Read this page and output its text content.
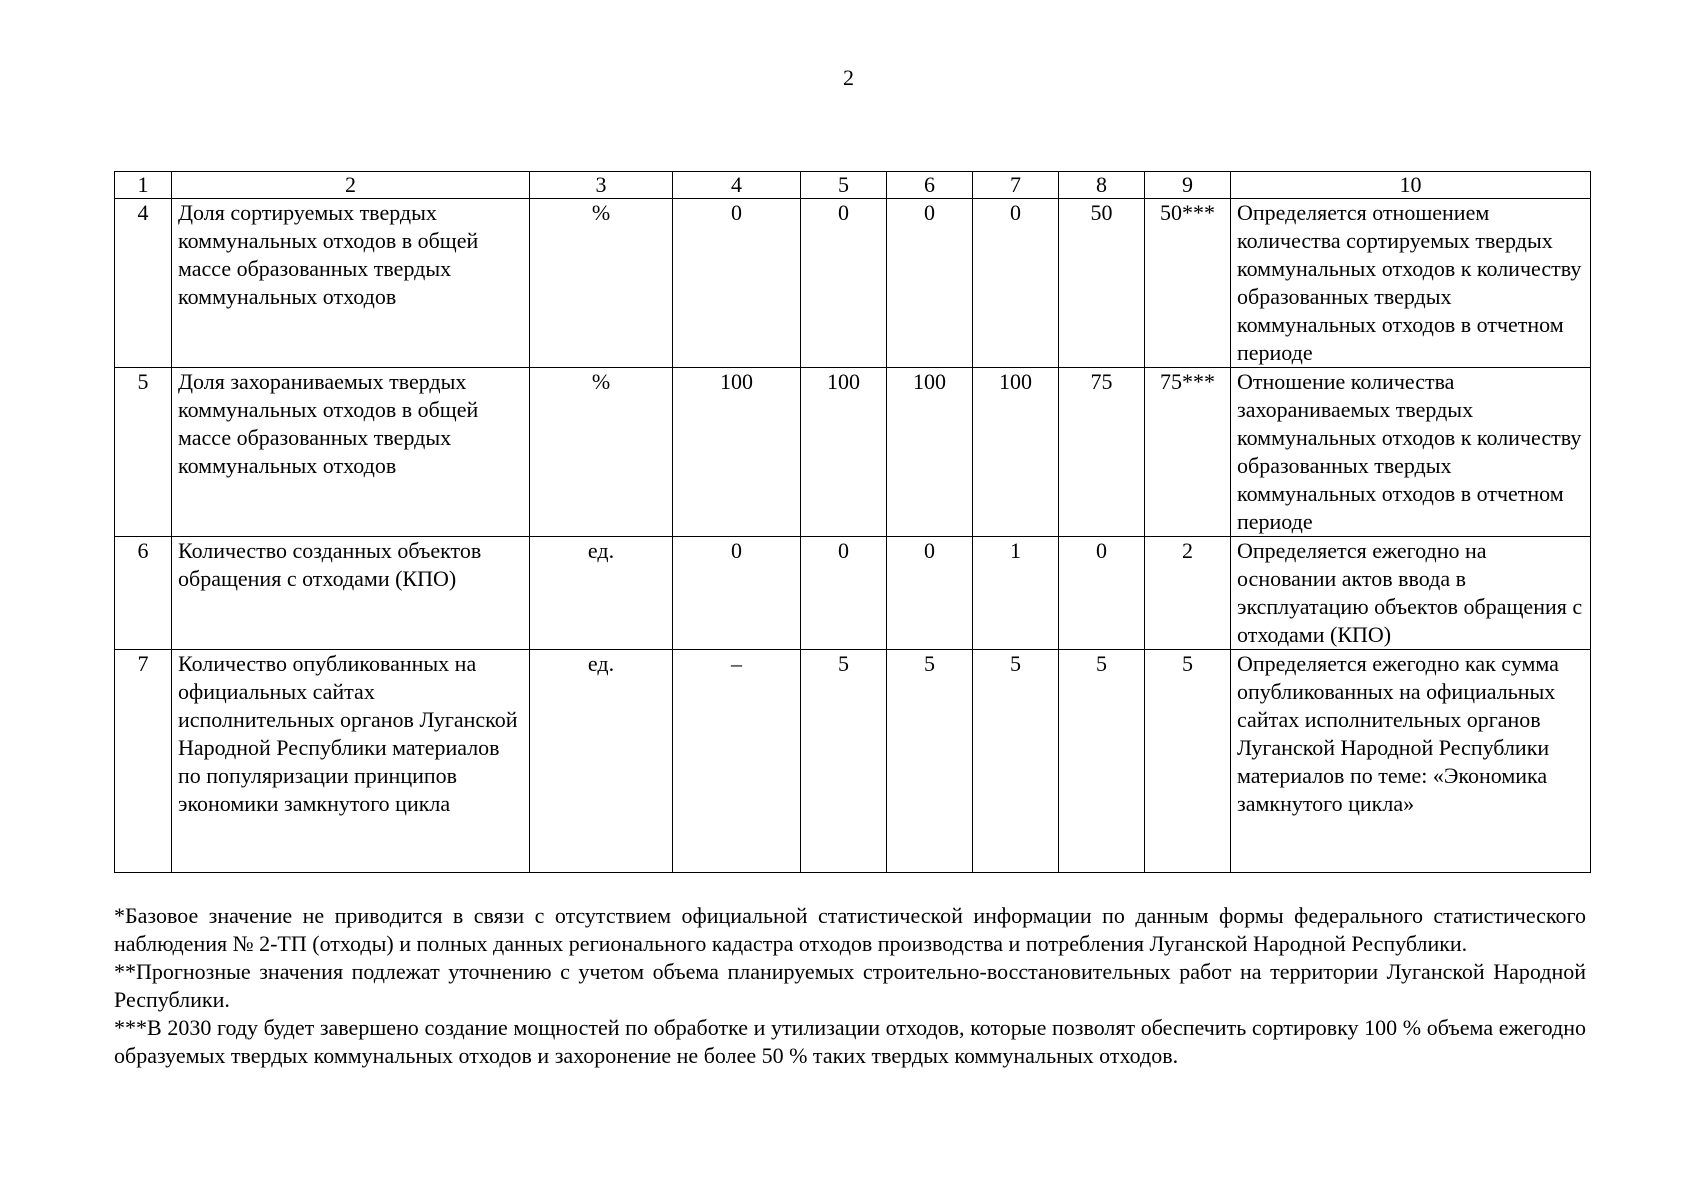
2
1	2	3	4	5	6	7	8	9	10
4	Доля сортируемых твердых коммунальных отходов в общей массе образованных твердых коммунальных отходов	%	0	0	0	0	50	50***	Определяется отношением количества сортируемых твердых коммунальных отходов к количеству образованных твердых коммунальных отходов в отчетном периоде
5	Доля захораниваемых твердых коммунальных отходов в общей массе образованных твердых коммунальных отходов	%	100	100	100	100	75	75***	Отношение количества захораниваемых твердых коммунальных отходов к количеству образованных твердых коммунальных отходов в отчетном периоде
6	Количество созданных объектов обращения с отходами (КПО)	ед.	0	0	0	1	0	2	Определяется ежегодно на основании актов ввода в эксплуатацию объектов обращения с отходами (КПО)
7	Количество опубликованных на официальных сайтах исполнительных органов Луганской Народной Республики материалов по популяризации принципов экономики замкнутого цикла	ед.	–	5	5	5	5	5	Определяется ежегодно как сумма опубликованных на официальных сайтах исполнительных органов Луганской Народной Республики материалов по теме: «Экономика замкнутого цикла»

*Базовое значение не приводится в связи с отсутствием официальной статистической информации по данным формы федерального статистического наблюдения № 2-ТП (отходы) и полных данных регионального кадастра отходов производства и потребления Луганской Народной Республики.

**Прогнозные значения подлежат уточнению с учетом объема планируемых строительно-восстановительных работ на территории Луганской Народной Республики.

***В 2030 году будет завершено создание мощностей по обработке и утилизации отходов, которые позволят обеспечить сортировку 100 % объема ежегодно образуемых твердых коммунальных отходов и захоронение не более 50 % таких твердых коммунальных отходов.
